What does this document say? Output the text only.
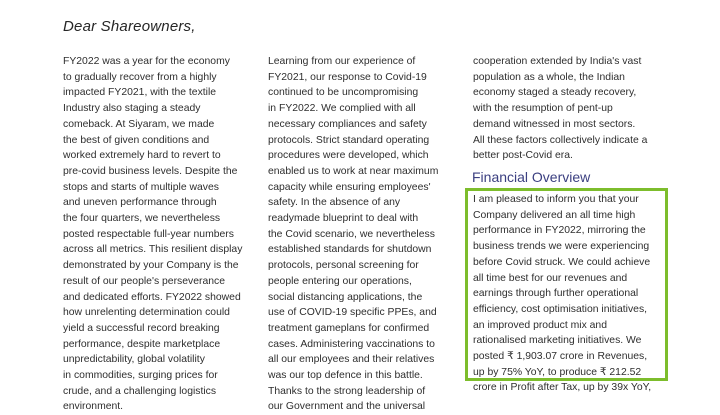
Dear Shareowners,
FY2022 was a year for the economy
to gradually recover from a highly
impacted FY2021, with the textile
Industry also staging a steady
comeback. At Siyaram, we made
the best of given conditions and
worked extremely hard to revert to
pre-covid business levels. Despite the
stops and starts of multiple waves
and uneven performance through
the four quarters, we nevertheless
posted respectable full-year numbers
across all metrics. This resilient display
demonstrated by your Company is the
result of our people's perseverance
and dedicated efforts. FY2022 showed
how unrelenting determination could
yield a successful record breaking
performance, despite marketplace
unpredictability, global volatility
in commodities, surging prices for
crude, and a challenging logistics
environment.
Learning from our experience of
FY2021, our response to Covid-19
continued to be uncompromising
in FY2022. We complied with all
necessary compliances and safety
protocols. Strict standard operating
procedures were developed, which
enabled us to work at near maximum
capacity while ensuring employees'
safety. In the absence of any
readymade blueprint to deal with
the Covid scenario, we nevertheless
established standards for shutdown
protocols, personal screening for
people entering our operations,
social distancing applications, the
use of COVID-19 specific PPEs, and
treatment gameplans for confirmed
cases. Administering vaccinations to
all our employees and their relatives
was our top defence in this battle.
Thanks to the strong leadership of
our Government and the universal
cooperation extended by India's vast
population as a whole, the Indian
economy staged a steady recovery,
with the resumption of pent-up
demand witnessed in most sectors.
All these factors collectively indicate a
better post-Covid era.
Financial Overview
I am pleased to inform you that your
Company delivered an all time high
performance in FY2022, mirroring the
business trends we were experiencing
before Covid struck. We could achieve
all time best for our revenues and
earnings through further operational
efficiency, cost optimisation initiatives,
an improved product mix and
rationalised marketing initiatives. We
posted ₹ 1,903.07 crore in Revenues,
up by 75% YoY, to produce ₹ 212.52
crore in Profit after Tax, up by 39x YoY,
